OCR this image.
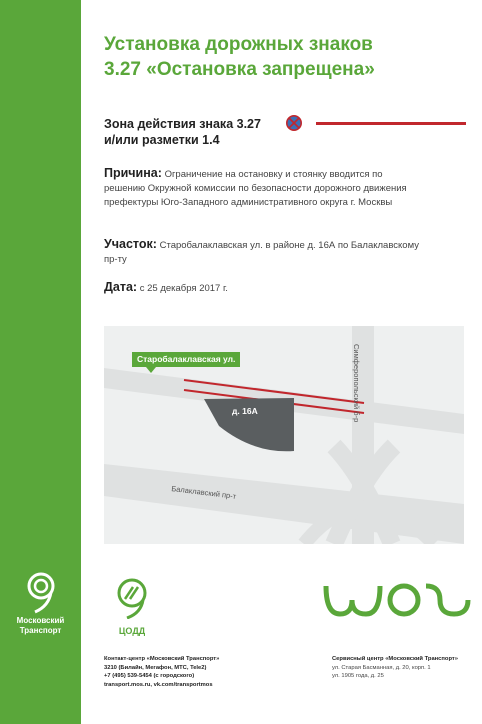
Московский
Транспорт
Установка дорожных знаков
3.27 «Остановка запрещена»
Зона действия знака 3.27
и/или разметки 1.4
Причина: Ограничение на остановку и стоянку вводится по решению Окружной комиссии по безопасности дорожного движения префектуры Юго-Западного административного округа г. Москвы
Участок: Старобалаклавская ул. в районе д. 16А по Балаклавскому пр-ту
Дата: с 25 декабря 2017 г.
Старобалаклавская ул.
д. 16А
Балаклавский пр-т
Симферопольский б-р
ЦОДД
Контакт-центр «Московский Транспорт»
3210 (Билайн, Мегафон, МТС, Tele2)
+7 (495) 539-5454 (с городского)
transport.mos.ru, vk.com/transportmos
Сервисный центр «Московский Транспорт»
ул. Старая Басманная, д. 20, корп. 1
ул. 1905 года, д. 25
